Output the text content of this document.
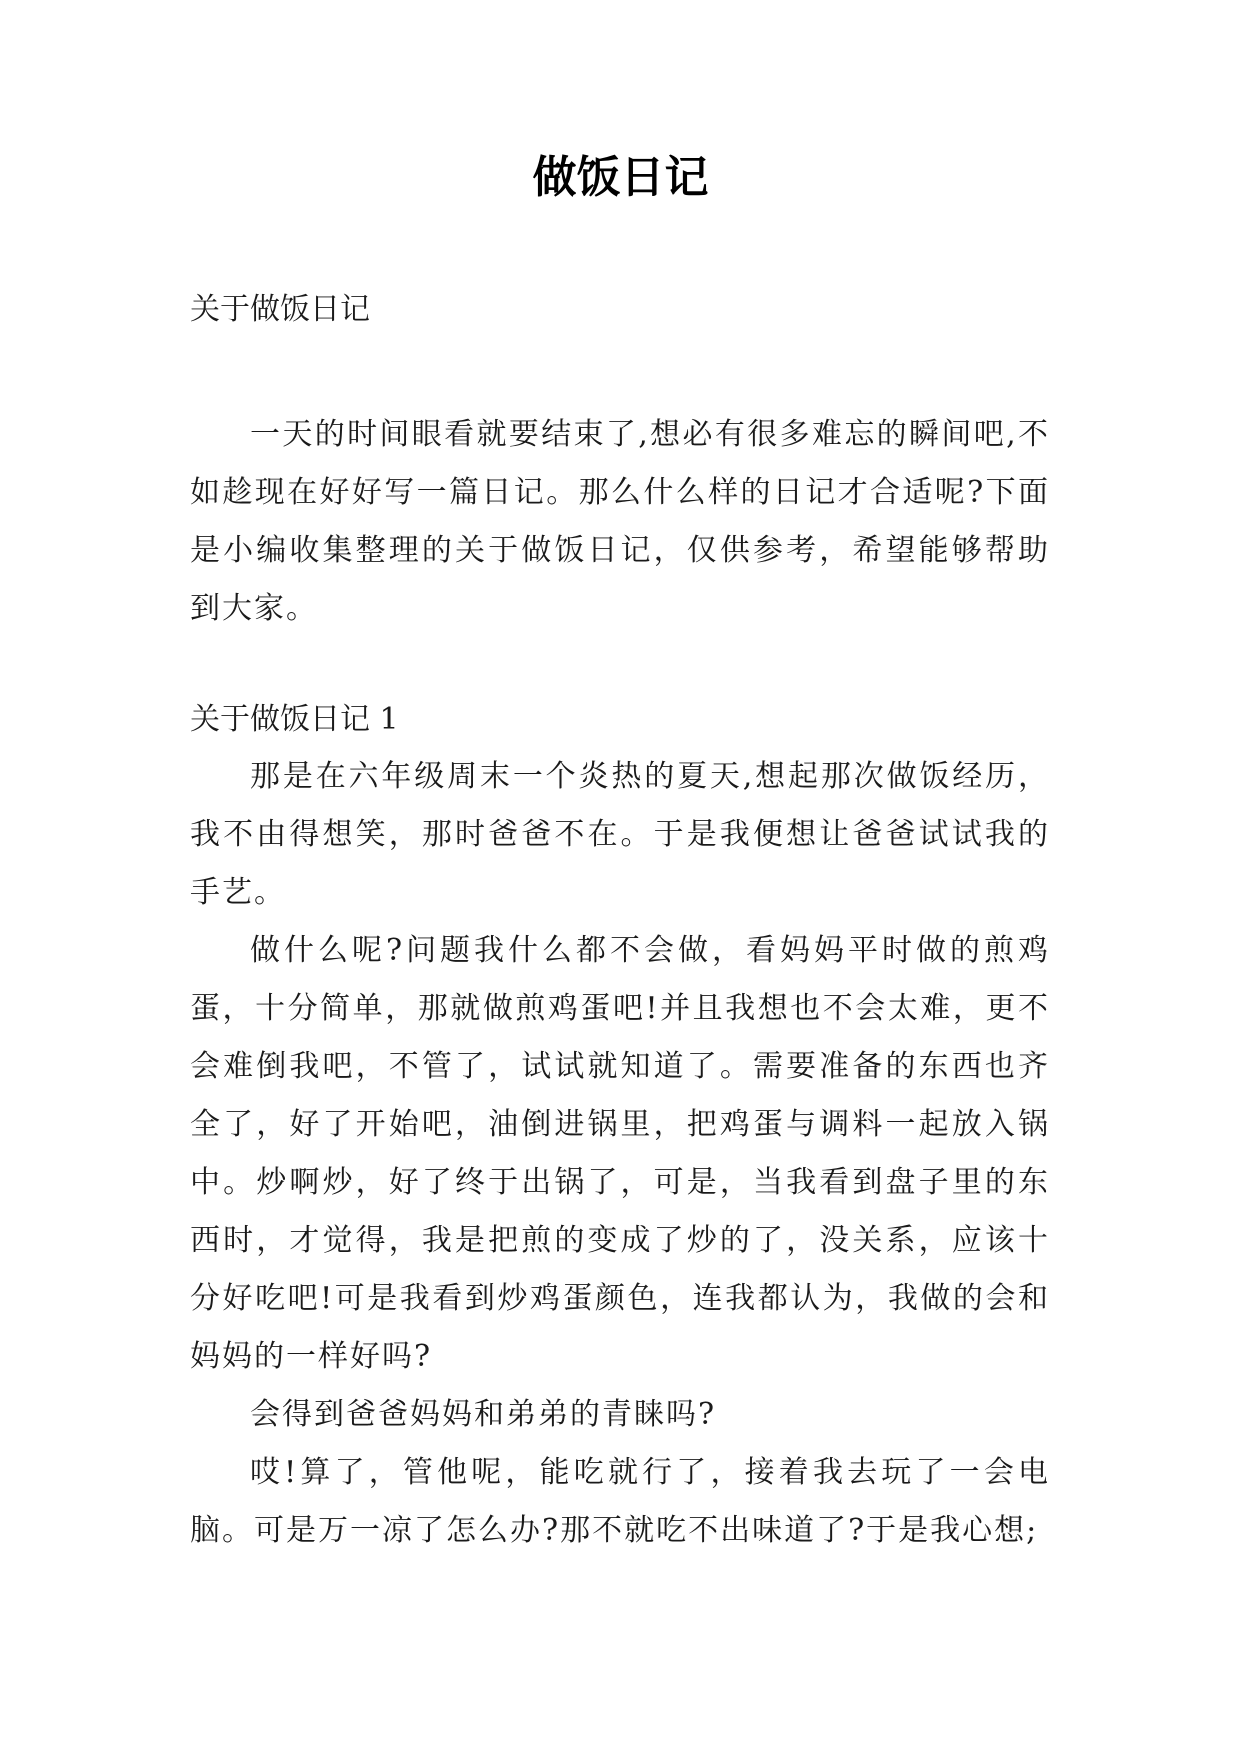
做饭日记
关于做饭日记
一天的时间眼看就要结束了,想必有很多难忘的瞬间吧,不如趁现在好好写一篇日记。那么什么样的日记才合适呢?下面是小编收集整理的关于做饭日记，仅供参考，希望能够帮助到大家。
关于做饭日记 1

那是在六年级周末一个炎热的夏天,想起那次做饭经历，我不由得想笑，那时爸爸不在。于是我便想让爸爸试试我的手艺。

做什么呢?问题我什么都不会做，看妈妈平时做的煎鸡蛋，十分简单，那就做煎鸡蛋吧!并且我想也不会太难，更不会难倒我吧，不管了，试试就知道了。需要准备的东西也齐全了，好了开始吧，油倒进锅里，把鸡蛋与调料一起放入锅中。炒啊炒，好了终于出锅了，可是，当我看到盘子里的东西时，才觉得，我是把煎的变成了炒的了，没关系，应该十分好吃吧!可是我看到炒鸡蛋颜色，连我都认为，我做的会和妈妈的一样好吗?

会得到爸爸妈妈和弟弟的青睐吗?

哎!算了，管他呢，能吃就行了，接着我去玩了一会电脑。可是万一凉了怎么办?那不就吃不出味道了?于是我心想;
